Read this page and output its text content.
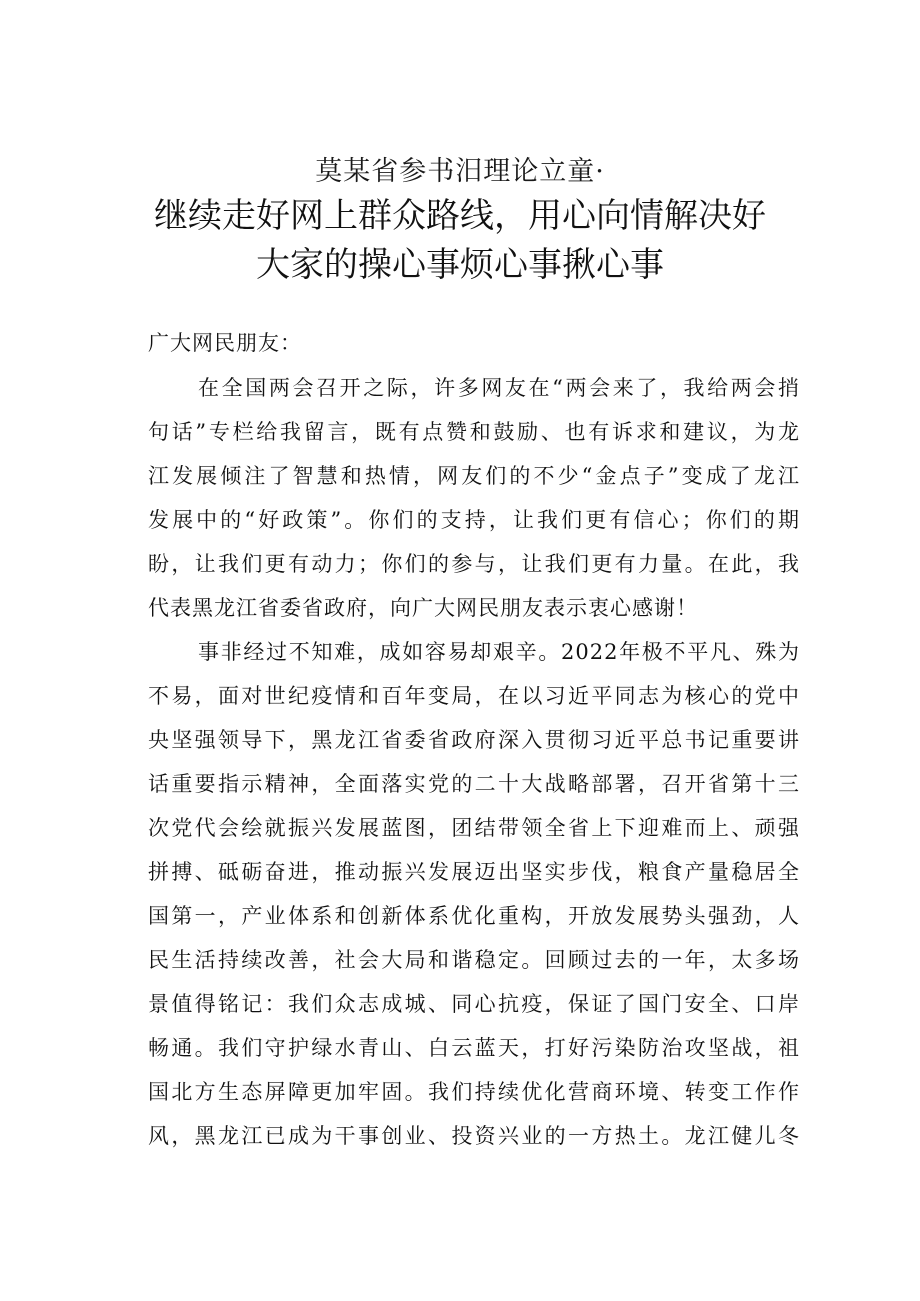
莫某省参书汨理论立童·
继续走好网上群众路线，用心向情解决好
大家的操心事烦心事揪心事
广大网民朋友：
在全国两会召开之际，许多网友在“两会来了，我给两会捎
句话”专栏给我留言，既有点赞和鼓励、也有诉求和建议，为龙
江发展倾注了智慧和热情，网友们的不少“金点子”变成了龙江
发展中的“好政策”。你们的支持，让我们更有信心；你们的期
盼，让我们更有动力；你们的参与，让我们更有力量。在此，我
代表黑龙江省委省政府，向广大网民朋友表示衷心感谢！
事非经过不知难，成如容易却艰辛。2022年极不平凡、殊为
不易，面对世纪疫情和百年变局，在以习近平同志为核心的党中
央坚强领导下，黑龙江省委省政府深入贯彻习近平总书记重要讲
话重要指示精神，全面落实党的二十大战略部署，召开省第十三
次党代会绘就振兴发展蓝图，团结带领全省上下迎难而上、顽强
拼搏、砥砺奋进，推动振兴发展迈出坚实步伐，粮食产量稳居全
国第一，产业体系和创新体系优化重构，开放发展势头强劲，人
民生活持续改善，社会大局和谐稳定。回顾过去的一年，太多场
景值得铭记：我们众志成城、同心抗疫，保证了国门安全、口岸
畅通。我们守护绿水青山、白云蓝天，打好污染防治攻坚战，祖
国北方生态屏障更加牢固。我们持续优化营商环境、转变工作作
风，黑龙江已成为干事创业、投资兴业的一方热土。龙江健儿冬
